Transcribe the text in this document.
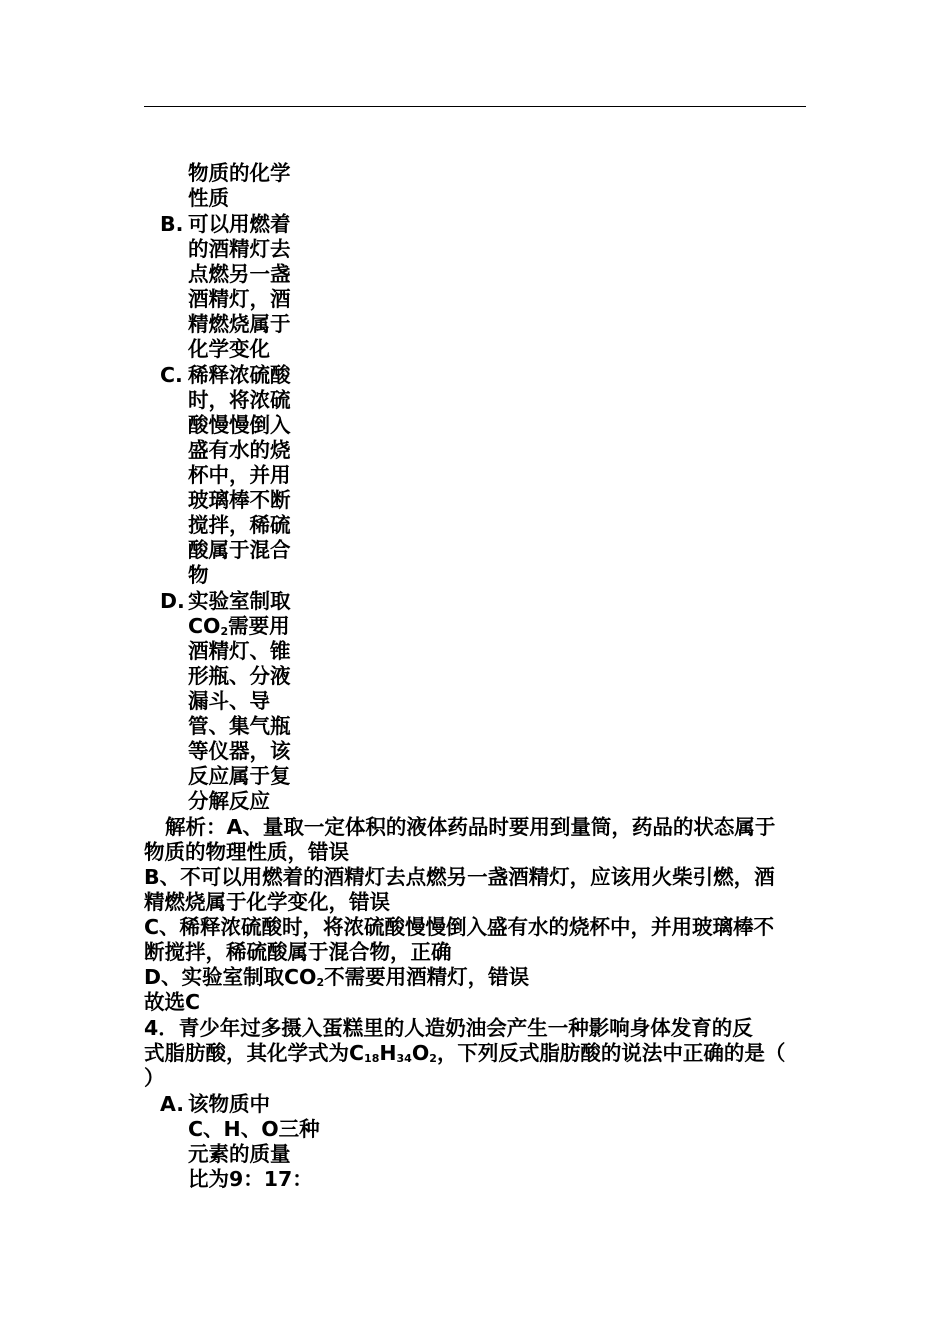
物质的化学
性质
B. 可以用燃着
的酒精灯去
点燃另一盏
酒精灯，酒
精燃烧属于
化学变化
C. 稀释浓硫酸
时，将浓硫
酸慢慢倒入
盛有水的烧
杯中，并用
玻璃棒不断
搅拌，稀硫
酸属于混合
物
D. 实验室制取
$CO_2$需要用
酒精灯、锥
形瓶、分液
漏斗、导
管、集气瓶
等仪器，该
反应属于复
分解反应
解析：A、量取一定体积的液体药品时要用到量筒，药品的状态属于
物质的物理性质，错误
B、不可以用燃着的酒精灯去点燃另一盏酒精灯，应该用火柴引燃，酒
精燃烧属于化学变化，错误
C、稀释浓硫酸时，将浓硫酸慢慢倒入盛有水的烧杯中，并用玻璃棒不
断搅拌，稀硫酸属于混合物，正确
D、实验室制取$CO_2$不需要用酒精灯，错误
故选C
4．青少年过多摄入蛋糕里的人造奶油会产生一种影响身体发育的反
式脂肪酸，其化学式为$C_{18}H_{34}O_2$，下列反式脂肪酸的说法中正确的是（
）
A. 该物质中
C、H、O三种
元素的质量
比为9：17：
